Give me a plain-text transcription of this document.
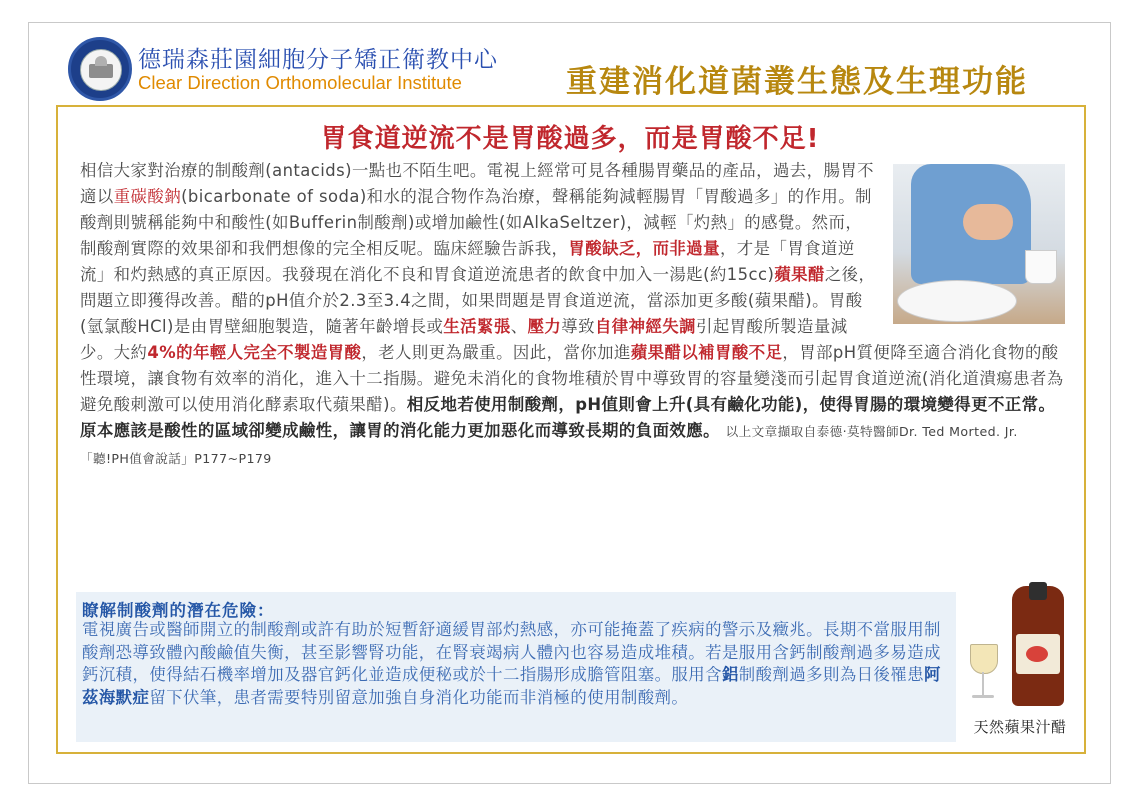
德瑞森莊園細胞分子矯正衛教中心
Clear Direction Orthomolecular Institute	重建消化道菌叢生態及生理功能
胃食道逆流不是胃酸過多，而是胃酸不足!

相信大家對治療的制酸劑(antacids)一點也不陌生吧。電視上經常可見各種腸胃藥品的產品，過去，腸胃不適以重碳酸鈉(bicarbonate of soda)和水的混合物作為治療，聲稱能夠減輕腸胃「胃酸過多」的作用。制酸劑則號稱能夠中和酸性(如Bufferin制酸劑)或增加鹼性(如AlkaSeltzer)，減輕「灼熱」的感覺。然而，制酸劑實際的效果卻和我們想像的完全相反呢。臨床經驗告訴我，胃酸缺乏，而非過量，才是「胃食道逆流」和灼熱感的真正原因。我發現在消化不良和胃食道逆流患者的飲食中加入一湯匙(約15cc)蘋果醋之後，問題立即獲得改善。醋的pH值介於2.3至3.4之間，如果問題是胃食道逆流，當添加更多酸(蘋果醋)。胃酸(氫氯酸HCl)是由胃壁細胞製造，隨著年齡增長或生活緊張、壓力導致自律神經失調引起胃酸所製造量減少。大約4%的年輕人完全不製造胃酸，老人則更為嚴重。因此，當你加進蘋果醋以補胃酸不足，胃部pH質便降至適合消化食物的酸性環境，讓食物有效率的消化，進入十二指腸。避免未消化的食物堆積於胃中導致胃的容量變淺而引起胃食道逆流(消化道潰瘍患者為避免酸刺激可以使用消化酵素取代蘋果醋)。相反地若使用制酸劑，pH值則會上升(具有鹼化功能)，使得胃腸的環境變得更不正常。原本應該是酸性的區域卻變成鹼性，讓胃的消化能力更加惡化而導致長期的負面效應。 以上文章擷取自泰德‧莫特醫師Dr. Ted Morted. Jr.「聽!PH值會說話」P177~P179

瞭解制酸劑的潛在危險：

電視廣告或醫師開立的制酸劑或許有助於短暫舒適緩胃部灼熱感，亦可能掩蓋了疾病的警示及癥兆。長期不當服用制酸劑恐導致體內酸鹼值失衡，甚至影響腎功能，在腎衰竭病人體內也容易造成堆積。若是服用含鈣制酸劑過多易造成鈣沉積，使得結石機率增加及器官鈣化並造成便秘或於十二指腸形成膽管阻塞。服用含鋁制酸劑過多則為日後罹患阿茲海默症留下伏筆，患者需要特別留意加強自身消化功能而非消極的使用制酸劑。

天然蘋果汁醋
